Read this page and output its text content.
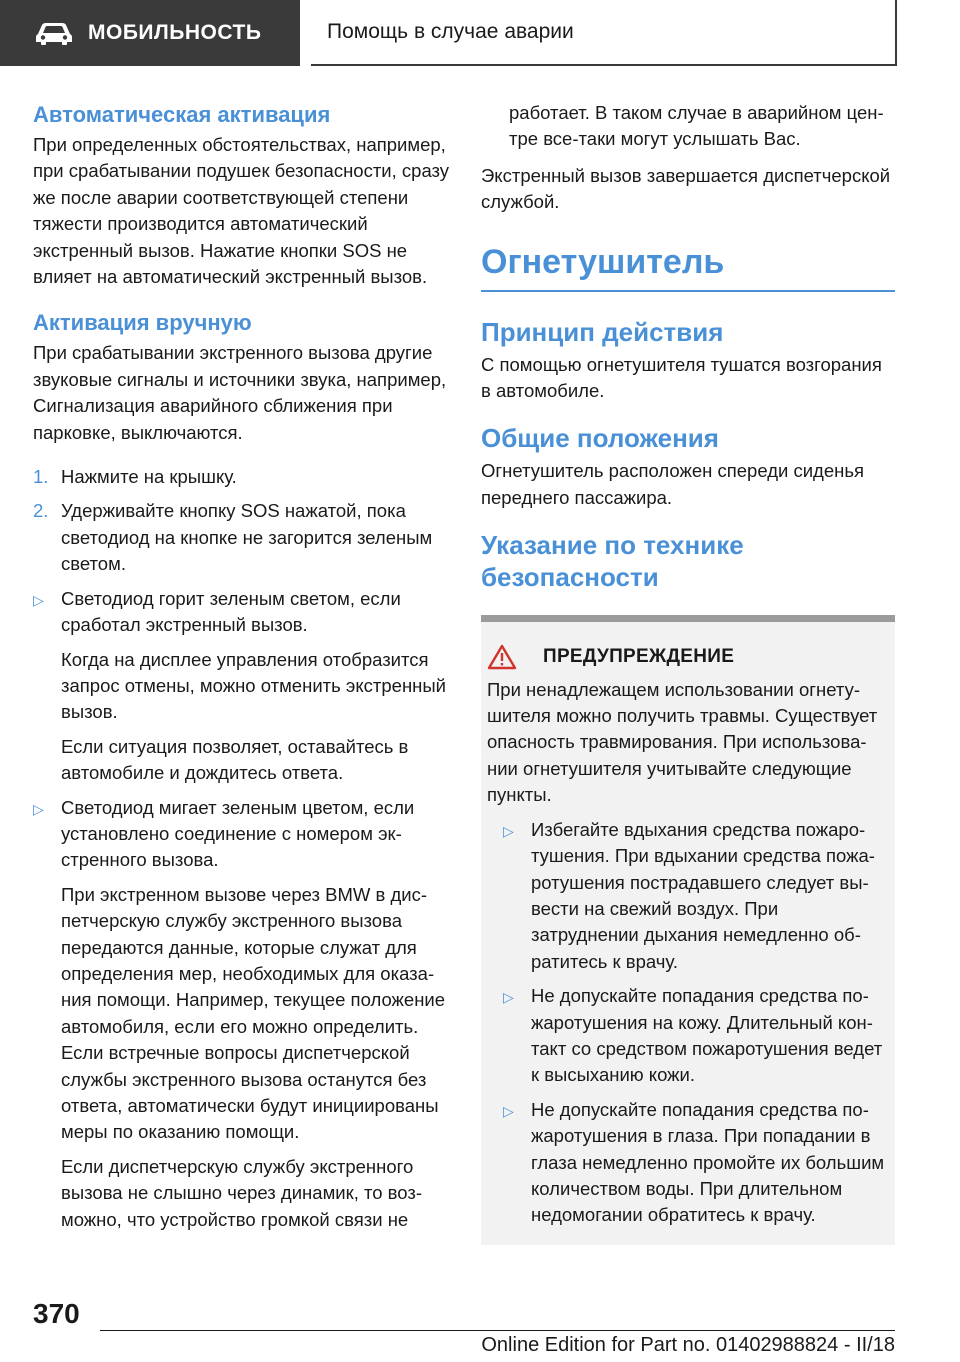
МОБИЛЬНОСТЬ	Помощь в случае аварии
Автоматическая активация

При определенных обстоятельствах, например, при срабатывании подушек безопасности, сразу же после аварии соответствующей степени тяжести производится автоматический экстренный вызов. Нажатие кнопки SOS не влияет на автоматический экстренный вызов.

Активация вручную

При срабатывании экстренного вызова другие звуковые сигналы и источники звука, например, Сигнализация аварийного сближения при парковке, выключаются.

1. Нажмите на крышку.
2. Удерживайте кнопку SOS нажатой, пока светодиод на кнопке не загорится зеленым светом.
▷ Светодиод горит зеленым светом, если сработал экстренный вызов.

Когда на дисплее управления отобразится запрос отмены, можно отменить экстренный вызов.

Если ситуация позволяет, оставайтесь в автомобиле и дождитесь ответа.

▷ Светодиод мигает зеленым цветом, если установлено соединение с номером экстренного вызова.

При экстренном вызове через BMW в диспетчерскую службу экстренного вызова передаются данные, которые служат для определения мер, необходимых для оказания помощи. Например, текущее положение автомобиля, если его можно определить. Если встречные вопросы диспетчерской службы экстренного вызова останутся без ответа, автоматически будут инициированы меры по оказанию помощи.

Если диспетчерскую службу экстренного вызова не слышно через динамик, то возможно, что устройство громкой связи не

работает. В таком случае в аварийном центре все-таки могут услышать Вас.

Экстренный вызов завершается диспетчерской службой.

Огнетушитель
Принцип действия

С помощью огнетушителя тушатся возгорания в автомобиле.

Общие положения

Огнетушитель расположен спереди сиденья переднего пассажира.

Указание по технике безопасности
ПРЕДУПРЕЖДЕНИЕ

При ненадлежащем использовании огнетушителя можно получить травмы. Существует опасность травмирования. При использовании огнетушителя учитывайте следующие пункты.

▷ Избегайте вдыхания средства пожаротушения. При вдыхании средства пожаротушения пострадавшего следует вывести на свежий воздух. При затруднении дыхания немедленно обратитесь к врачу.
▷ Не допускайте попадания средства пожаротушения на кожу. Длительный контакт со средством пожаротушения ведет к высыханию кожи.
▷ Не допускайте попадания средства пожаротушения в глаза. При попадании в глаза немедленно промойте их большим количеством воды. При длительном недомогании обратитесь к врачу.
370
Online Edition for Part no. 01402988824 - II/18
